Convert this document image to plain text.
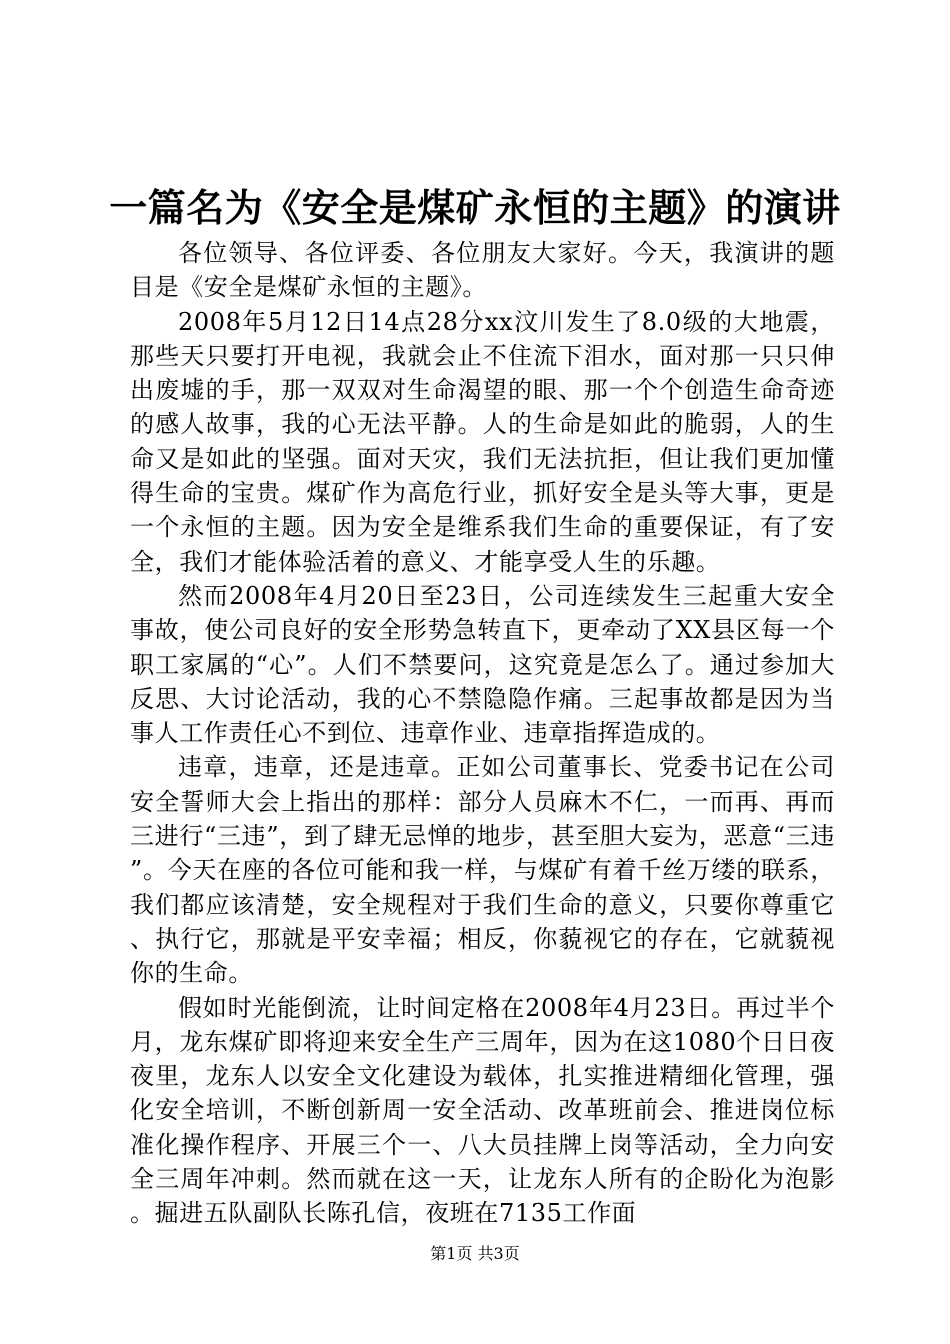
一篇名为《安全是煤矿永恒的主题》的演讲

各位领导、各位评委、各位朋友大家好。今天，我演讲的题目是《安全是煤矿永恒的主题》。

2008年5月12日14点28分xx汶川发生了8.0级的大地震，那些天只要打开电视，我就会止不住流下泪水，面对那一只只伸出废墟的手，那一双双对生命渴望的眼、那一个个创造生命奇迹的感人故事，我的心无法平静。人的生命是如此的脆弱，人的生命又是如此的坚强。面对天灾，我们无法抗拒，但让我们更加懂得生命的宝贵。煤矿作为高危行业，抓好安全是头等大事，更是一个永恒的主题。因为安全是维系我们生命的重要保证，有了安全，我们才能体验活着的意义、才能享受人生的乐趣。

然而2008年4月20日至23日，公司连续发生三起重大安全事故，使公司良好的安全形势急转直下，更牵动了XX县区每一个职工家属的“心”。人们不禁要问，这究竟是怎么了。通过参加大反思、大讨论活动，我的心不禁隐隐作痛。三起事故都是因为当事人工作责任心不到位、违章作业、违章指挥造成的。

违章，违章，还是违章。正如公司董事长、党委书记在公司安全誓师大会上指出的那样：部分人员麻木不仁，一而再、再而三进行“三违”，到了肆无忌惮的地步，甚至胆大妄为，恶意“三违”。今天在座的各位可能和我一样，与煤矿有着千丝万缕的联系，我们都应该清楚，安全规程对于我们生命的意义，只要你尊重它、执行它，那就是平安幸福；相反，你藐视它的存在，它就藐视你的生命。

假如时光能倒流，让时间定格在2008年4月23日。再过半个月，龙东煤矿即将迎来安全生产三周年，因为在这1080个日日夜夜里，龙东人以安全文化建设为载体，扎实推进精细化管理，强化安全培训，不断创新周一安全活动、改革班前会、推进岗位标准化操作程序、开展三个一、八大员挂牌上岗等活动，全力向安全三周年冲刺。然而就在这一天，让龙东人所有的企盼化为泡影。掘进五队副队长陈孔信，夜班在7135工作面

第1页 共3页
